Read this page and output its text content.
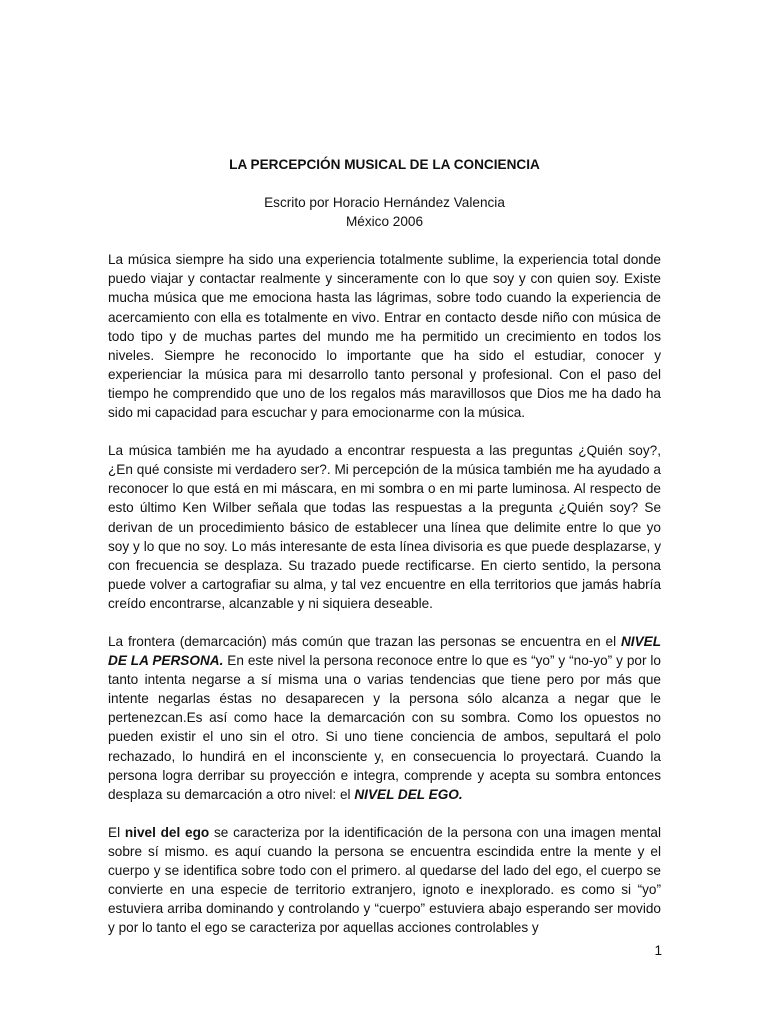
LA PERCEPCIÓN MUSICAL DE LA CONCIENCIA
Escrito por Horacio Hernández Valencia
México 2006

La música siempre ha sido una experiencia totalmente sublime, la experiencia total donde puedo viajar y contactar realmente y sinceramente con lo que soy y con quien soy. Existe mucha música que me emociona hasta las lágrimas, sobre todo cuando la experiencia de acercamiento con ella es totalmente en vivo. Entrar en contacto desde niño con música de todo tipo y de muchas partes del mundo me ha permitido un crecimiento en todos los niveles. Siempre he reconocido lo importante que ha sido el estudiar, conocer y experienciar la música para mi desarrollo tanto personal y profesional. Con el paso del tiempo he comprendido que uno de los regalos más maravillosos que Dios me ha dado ha sido mi capacidad para escuchar y para emocionarme con la música.

La música también me ha ayudado a encontrar respuesta a las preguntas ¿Quién soy?, ¿En qué consiste mi verdadero ser?. Mi percepción de la música también me ha ayudado a reconocer lo que está en mi máscara, en mi sombra o en mi parte luminosa. Al respecto de esto último Ken Wilber señala que todas las respuestas a la pregunta ¿Quién soy? Se derivan de un procedimiento básico de establecer una línea que delimite entre lo que yo soy y lo que no soy. Lo más interesante de esta línea divisoria es que puede desplazarse, y con frecuencia se desplaza. Su trazado puede rectificarse. En cierto sentido, la persona puede volver a cartografiar su alma, y tal vez encuentre en ella territorios que jamás habría creído encontrarse, alcanzable y ni siquiera deseable.

La frontera (demarcación) más común que trazan las personas se encuentra en el NIVEL DE LA PERSONA. En este nivel la persona reconoce entre lo que es “yo” y “no-yo” y por lo tanto intenta negarse a sí misma una o varias tendencias que tiene pero por más que intente negarlas éstas no desaparecen y la persona sólo alcanza a negar que le pertenezcan.Es así como hace la demarcación con su sombra. Como los opuestos no pueden existir el uno sin el otro. Si uno tiene conciencia de ambos, sepultará el polo rechazado, lo hundirá en el inconsciente y, en consecuencia lo proyectará. Cuando la persona logra derribar su proyección e integra, comprende y acepta su sombra entonces desplaza su demarcación a otro nivel: el NIVEL DEL EGO.

El nivel del ego se caracteriza por la identificación de la persona con una imagen mental sobre sí mismo. es aquí cuando la persona se encuentra escindida entre la mente y el cuerpo y se identifica sobre todo con el primero. al quedarse del lado del ego, el cuerpo se convierte en una especie de territorio extranjero, ignoto e inexplorado. es como si “yo” estuviera arriba dominando y controlando y “cuerpo” estuviera abajo esperando ser movido y por lo tanto el ego se caracteriza por aquellas acciones controlables y

1
